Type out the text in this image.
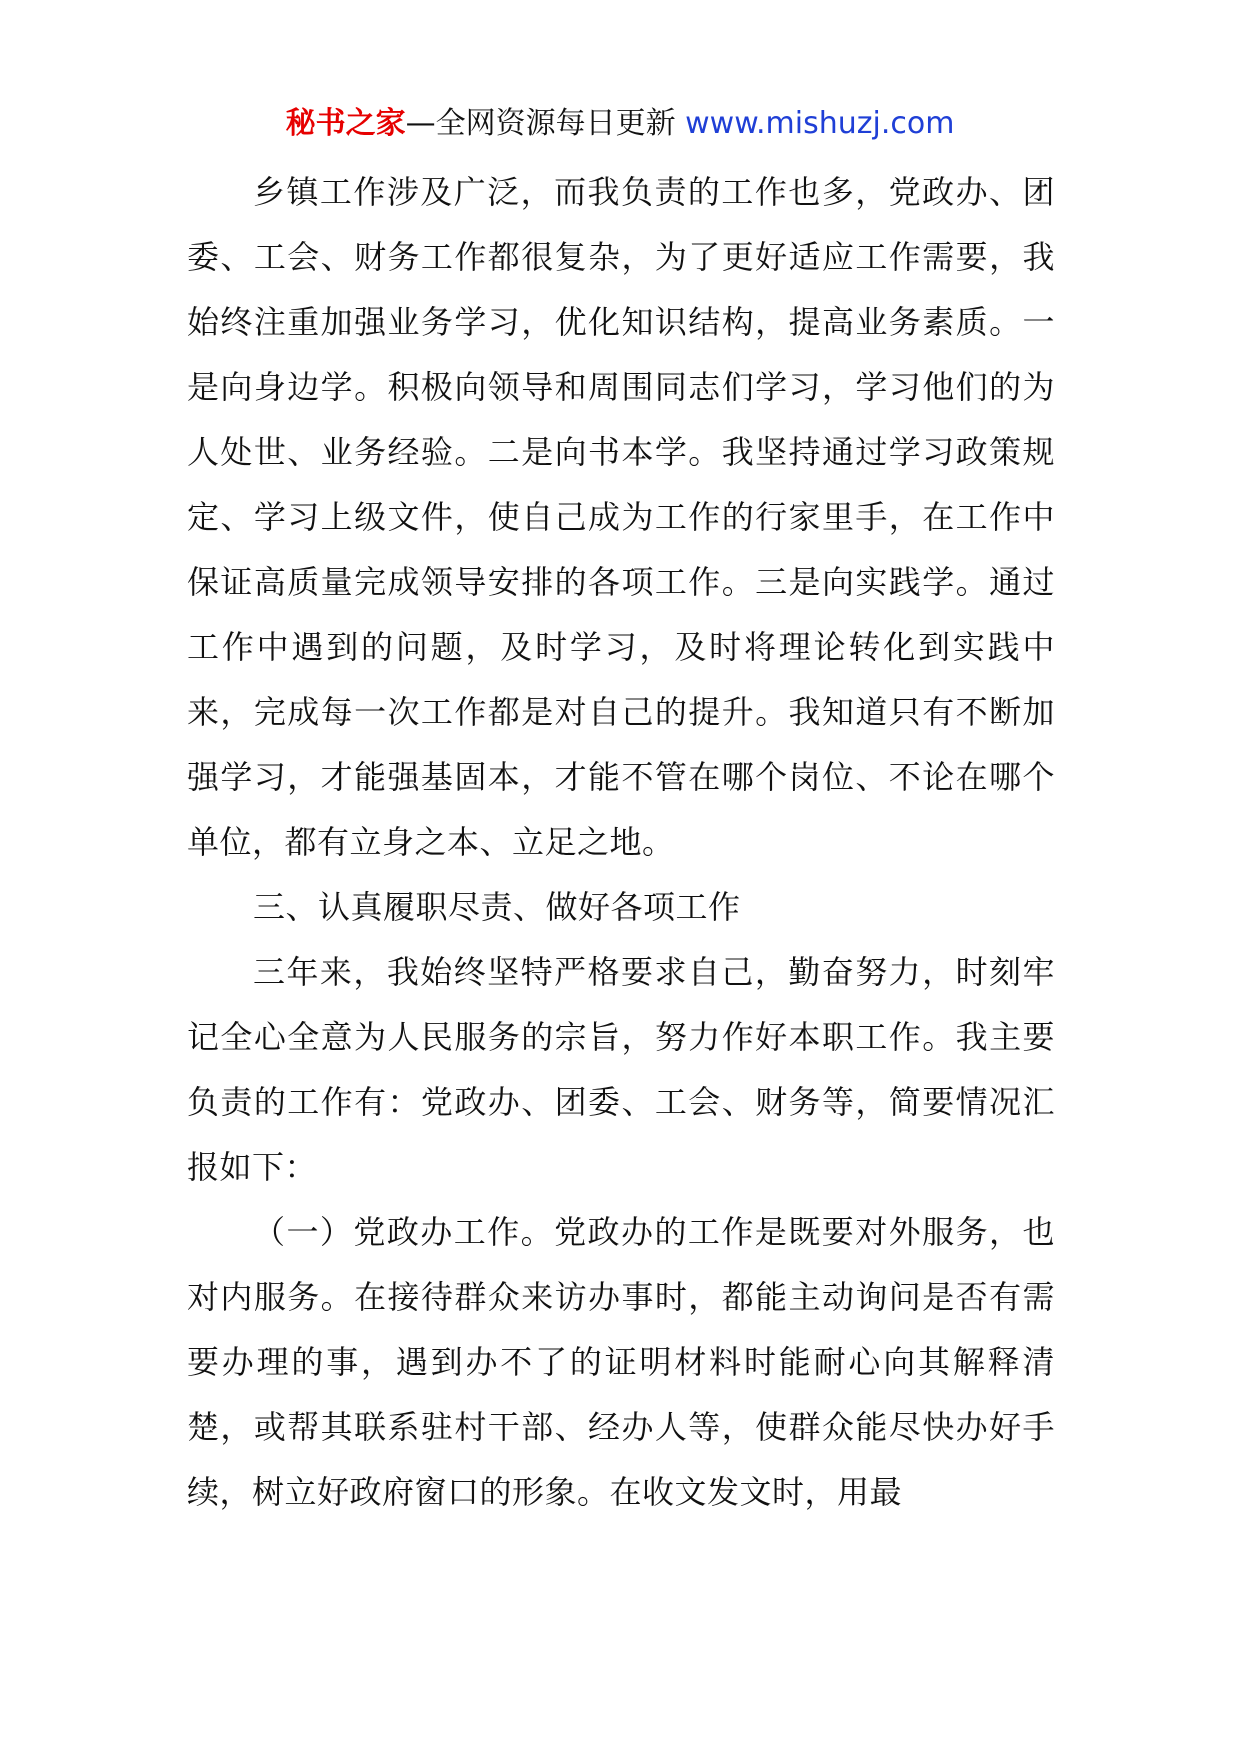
秘书之家—全网资源每日更新 www.mishuzj.com

乡镇工作涉及广泛，而我负责的工作也多，党政办、团委、工会、财务工作都很复杂，为了更好适应工作需要，我始终注重加强业务学习，优化知识结构，提高业务素质。一是向身边学。积极向领导和周围同志们学习，学习他们的为人处世、业务经验。二是向书本学。我坚持通过学习政策规定、学习上级文件，使自己成为工作的行家里手，在工作中保证高质量完成领导安排的各项工作。三是向实践学。通过工作中遇到的问题，及时学习，及时将理论转化到实践中来，完成每一次工作都是对自己的提升。我知道只有不断加强学习，才能强基固本，才能不管在哪个岗位、不论在哪个单位，都有立身之本、立足之地。

三、认真履职尽责、做好各项工作

三年来，我始终坚特严格要求自己，勤奋努力，时刻牢记全心全意为人民服务的宗旨，努力作好本职工作。我主要负责的工作有：党政办、团委、工会、财务等，简要情况汇报如下：

（一）党政办工作。党政办的工作是既要对外服务，也对内服务。在接待群众来访办事时，都能主动询问是否有需要办理的事，遇到办不了的证明材料时能耐心向其解释清楚，或帮其联系驻村干部、经办人等，使群众能尽快办好手续，树立好政府窗口的形象。在收文发文时，用最
